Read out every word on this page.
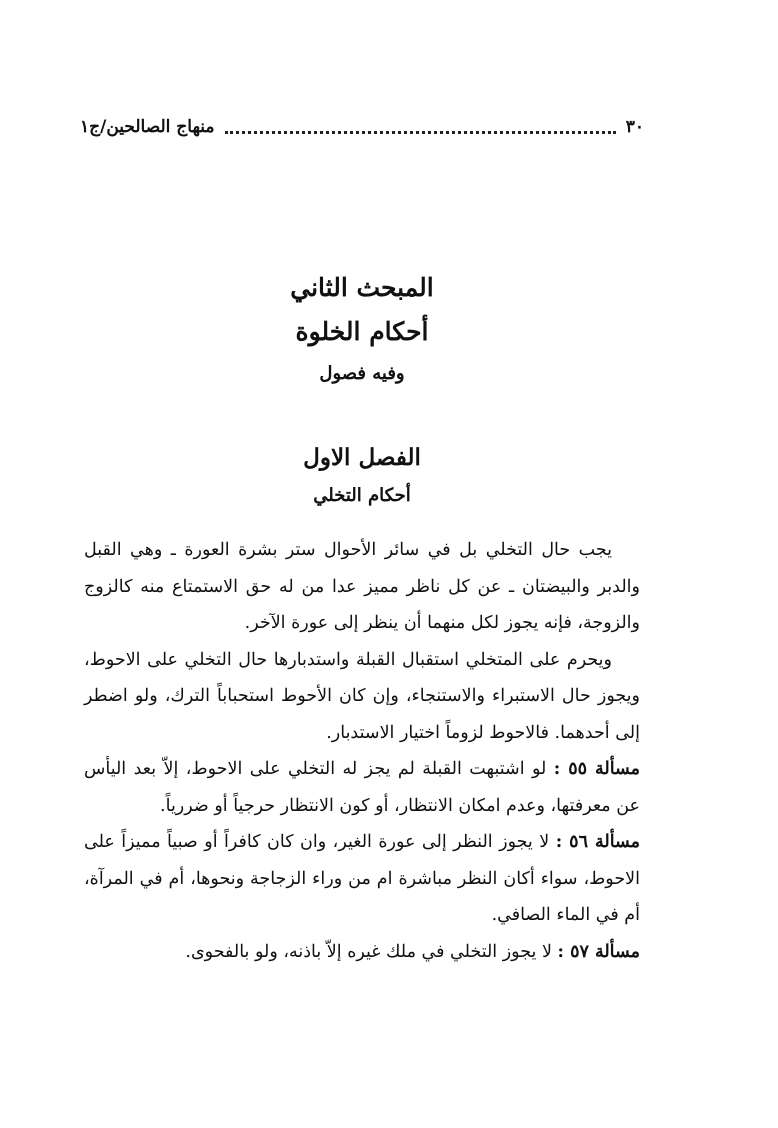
٣٠
منهاج الصالحين/ج١
المبحث الثاني
أحكام الخلوة
وفيه فصول
الفصل الاول
أحكام التخلي

يجب حال التخلي بل في سائر الأحوال ستر بشرة العورة ـ وهي القبل والدبر والبيضتان ـ عن كل ناظر مميز عدا من له حق الاستمتاع منه كالزوج والزوجة، فإنه يجوز لكل منهما أن ينظر إلى عورة الآخر.

ويحرم على المتخلي استقبال القبلة واستدبارها حال التخلي على الاحوط، ويجوز حال الاستبراء والاستنجاء، وإن كان الأحوط استحباباً الترك، ولو اضطر إلى أحدهما. فالاحوط لزوماً اختيار الاستدبار.

مسألة ٥٥ : لو اشتبهت القبلة لم يجز له التخلي على الاحوط، إلاّ بعد اليأس عن معرفتها، وعدم امكان الانتظار، أو كون الانتظار حرجياً أو ضررياً.

مسألة ٥٦ : لا يجوز النظر إلى عورة الغير، وان كان كافراً أو صبياً مميزاً على الاحوط، سواء أكان النظر مباشرة ام من وراء الزجاجة ونحوها، أم في المرآة، أم في الماء الصافي.

مسألة ٥٧ : لا يجوز التخلي في ملك غيره إلاّ باذنه، ولو بالفحوى.
